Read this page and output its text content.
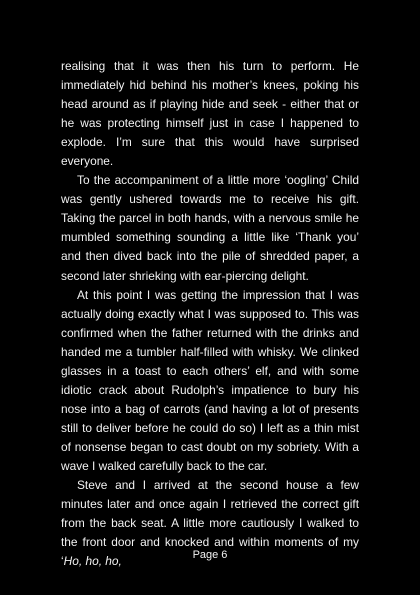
realising that it was then his turn to perform. He immediately hid behind his mother’s knees, poking his head around as if playing hide and seek - either that or he was protecting himself just in case I happened to explode. I’m sure that this would have surprised everyone.

To the accompaniment of a little more ‘oogling’ Child was gently ushered towards me to receive his gift. Taking the parcel in both hands, with a nervous smile he mumbled something sounding a little like ‘Thank you’ and then dived back into the pile of shredded paper, a second later shrieking with ear-piercing delight.

At this point I was getting the impression that I was actually doing exactly what I was supposed to. This was confirmed when the father returned with the drinks and handed me a tumbler half-filled with whisky. We clinked glasses in a toast to each others’ elf, and with some idiotic crack about Rudolph’s impatience to bury his nose into a bag of carrots (and having a lot of presents still to deliver before he could do so) I left as a thin mist of nonsense began to cast doubt on my sobriety. With a wave I walked carefully back to the car.

Steve and I arrived at the second house a few minutes later and once again I retrieved the correct gift from the back seat. A little more cautiously I walked to the front door and knocked and within moments of my ‘Ho, ho, ho,	Page 6
